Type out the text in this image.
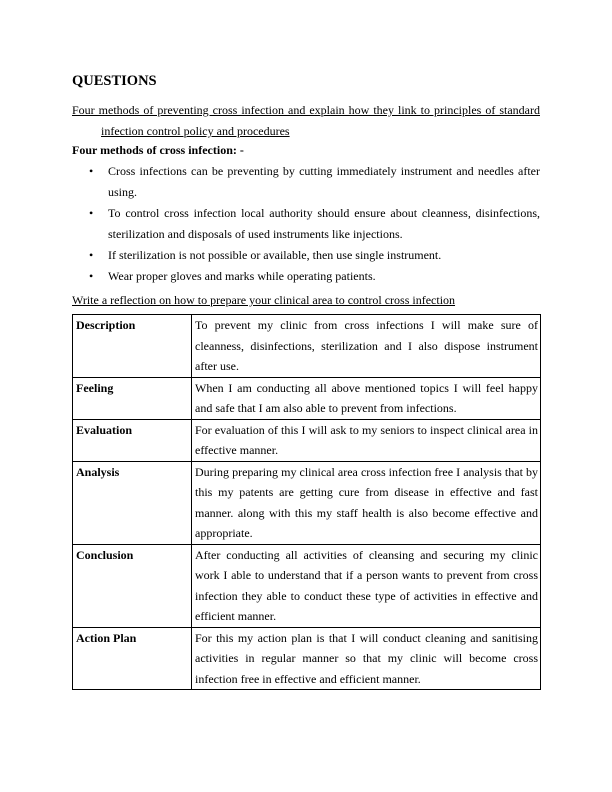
QUESTIONS
Four methods of preventing cross infection and explain how they link to principles of standard
infection control policy and procedures
Four methods of cross infection: -
• Cross infections can be preventing by cutting immediately instrument and needles after using.
• To control cross infection local authority should ensure about cleanness, disinfections, sterilization and disposals of used instruments like injections.
• If sterilization is not possible or available, then use single instrument.
• Wear proper gloves and marks while operating patients.
Write a reflection on how to prepare your clinical area to control cross infection
Description	To prevent my clinic from cross infections I will make sure of cleanness, disinfections, sterilization and I also dispose instrument after use.
Feeling	When I am conducting all above mentioned topics I will feel happy and safe that I am also able to prevent from infections.
Evaluation	For evaluation of this I will ask to my seniors to inspect clinical area in effective manner.
Analysis	During preparing my clinical area cross infection free I analysis that by this my patents are getting cure from disease in effective and fast manner. along with this my staff health is also become effective and appropriate.
Conclusion	After conducting all activities of cleansing and securing my clinic work I able to understand that if a person wants to prevent from cross infection they able to conduct these type of activities in effective and efficient manner.
Action Plan	For this my action plan is that I will conduct cleaning and sanitising activities in regular manner so that my clinic will become cross infection free in effective and efficient manner.
